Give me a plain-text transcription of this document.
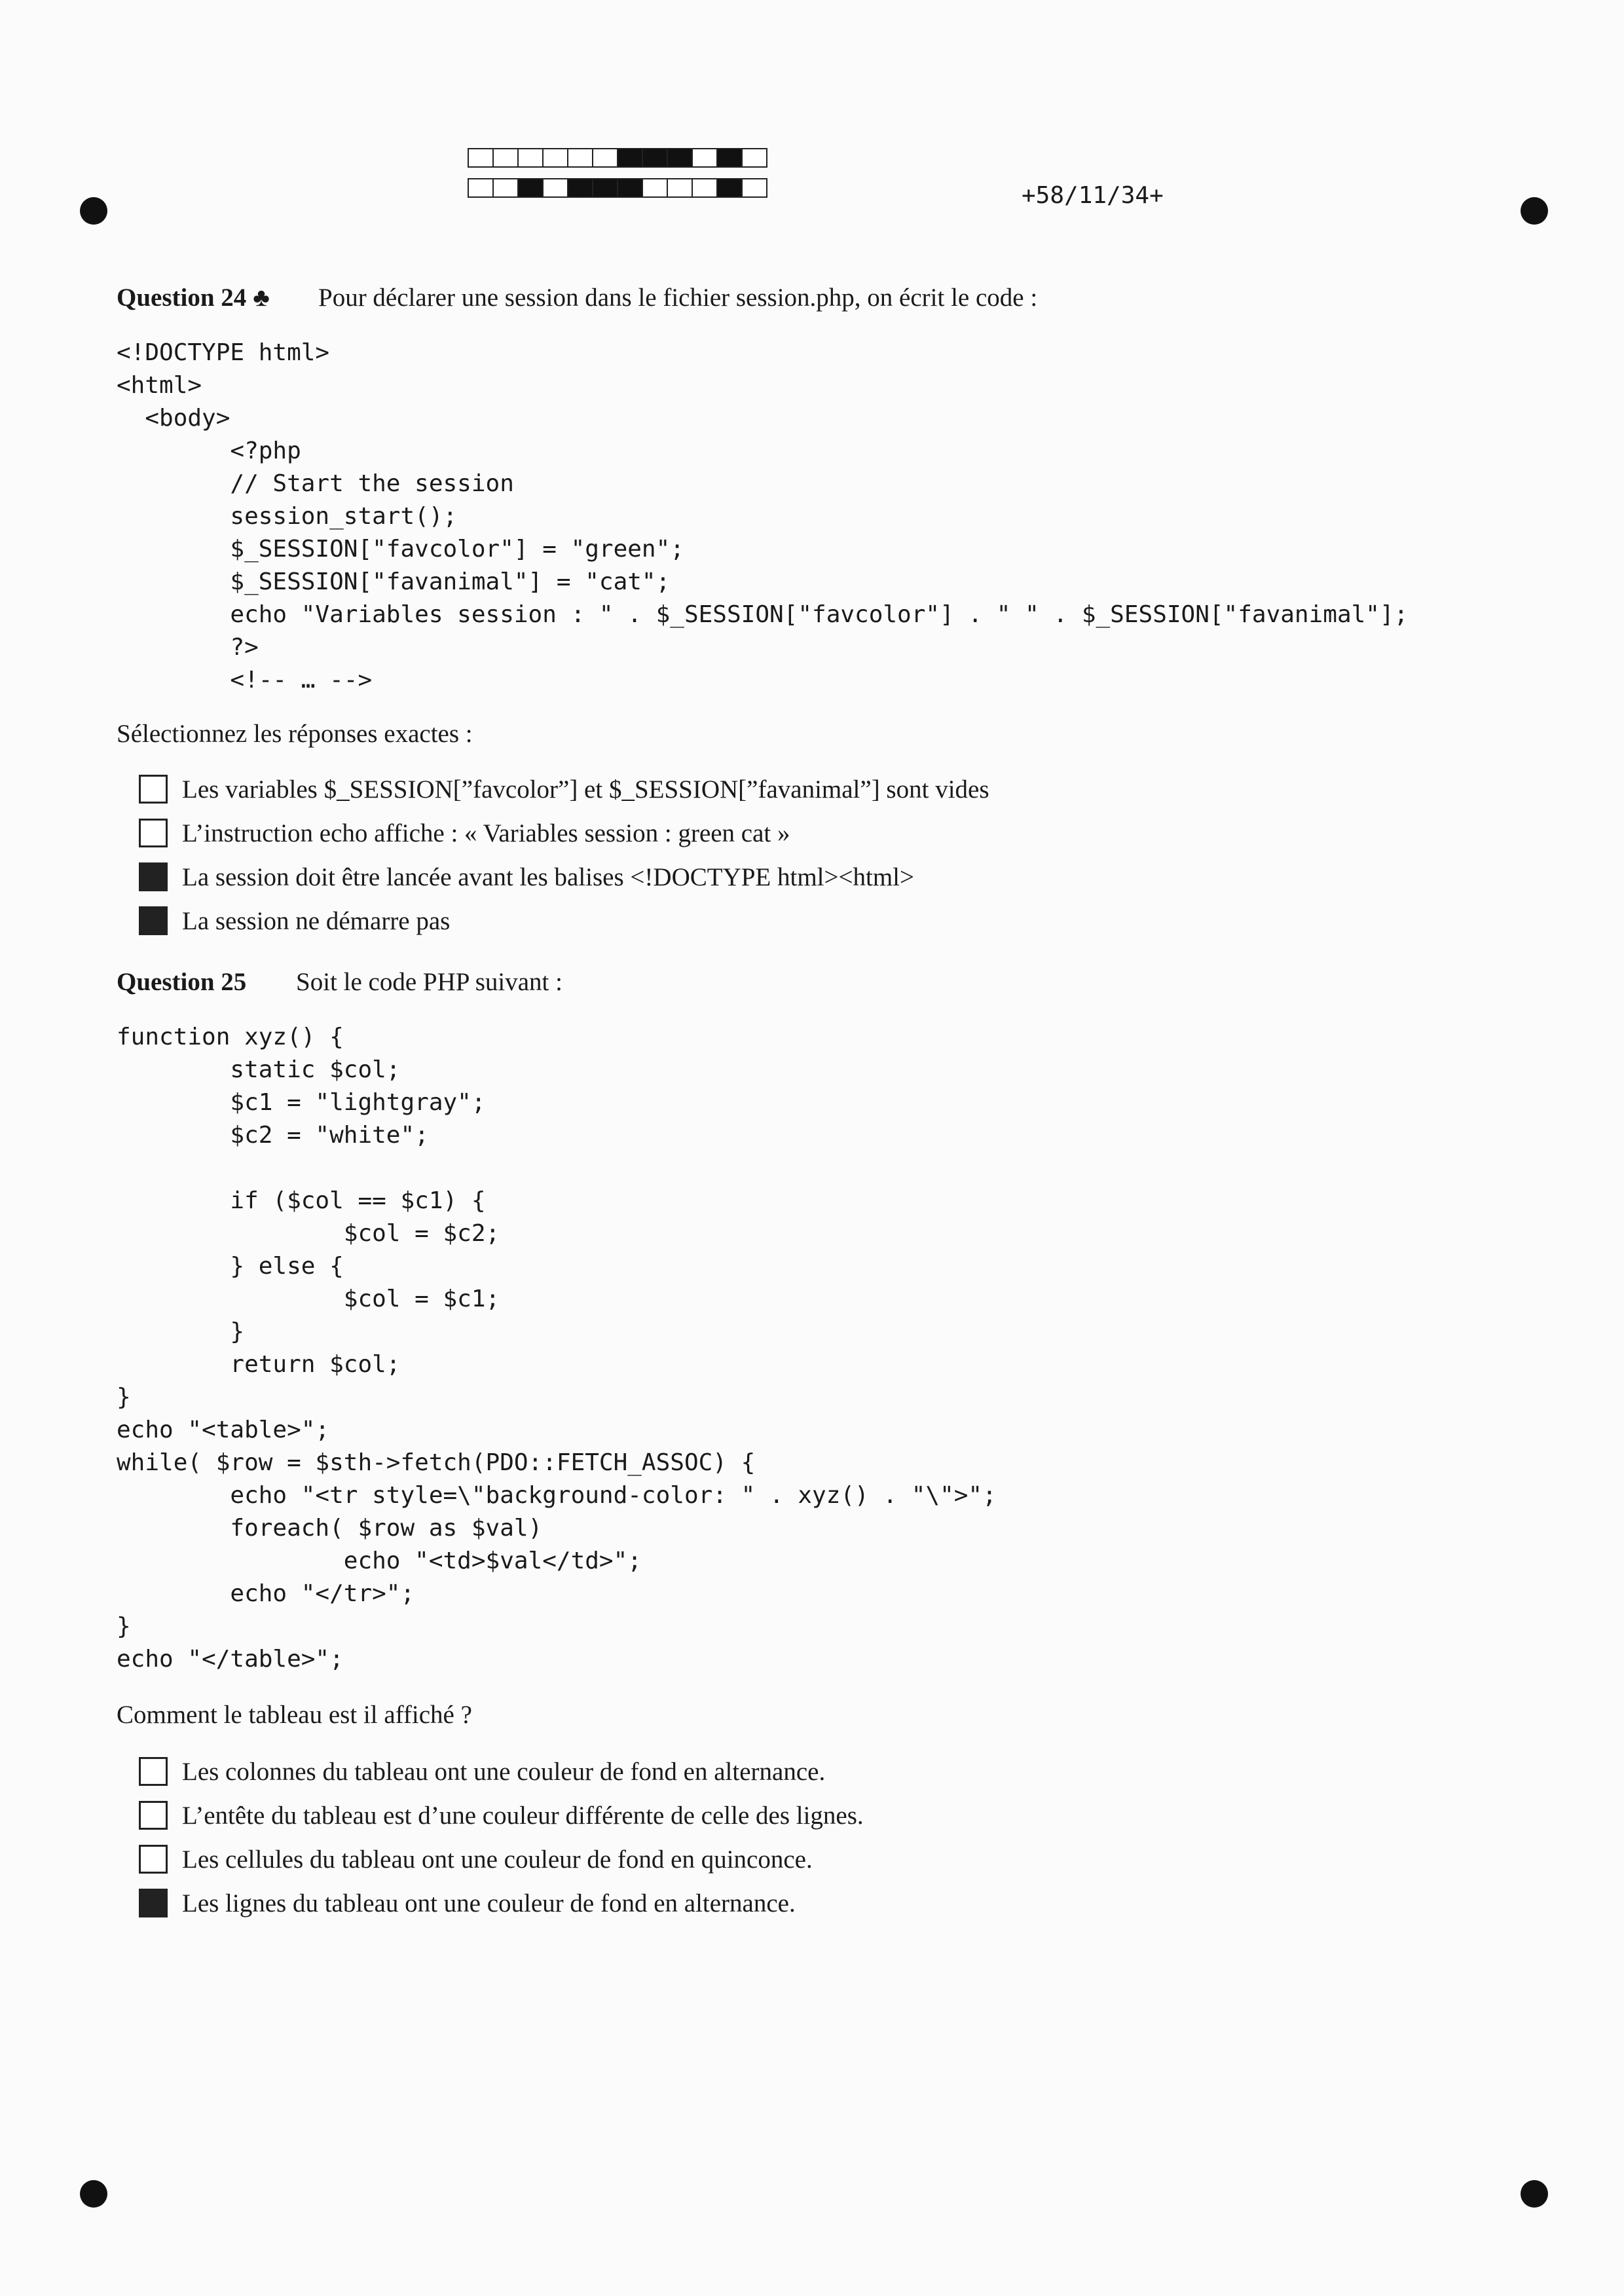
+58/11/34+
Question 24 ♣ Pour déclarer une session dans le fichier session.php, on écrit le code :
<!DOCTYPE html>
<html>
<body>
<?php
// Start the session
session_start();
$_SESSION["favcolor"] = "green";
$_SESSION["favanimal"] = "cat";
echo "Variables session : " . $_SESSION["favcolor"] . " " . $_SESSION["favanimal"];
?>
<!-- … -->
Sélectionnez les réponses exactes :
Les variables $_SESSION[”favcolor”] et $_SESSION[”favanimal”] sont vides
L’instruction echo affiche : « Variables session : green cat »
La session doit être lancée avant les balises <!DOCTYPE html><html>
La session ne démarre pas
Question 25 Soit le code PHP suivant :
function xyz() {
static $col;
$c1 = "lightgray";
$c2 = "white";

if ($col == $c1) {
$col = $c2;
} else {
$col = $c1;
}
return $col;
}
echo "<table>";
while( $row = $sth->fetch(PDO::FETCH_ASSOC) {
echo "<tr style=\"background-color: " . xyz() . "\">";
foreach( $row as $val)
echo "<td>$val</td>";
echo "</tr>";
}
echo "</table>";
Comment le tableau est il affiché ?
Les colonnes du tableau ont une couleur de fond en alternance.
L’entête du tableau est d’une couleur différente de celle des lignes.
Les cellules du tableau ont une couleur de fond en quinconce.
Les lignes du tableau ont une couleur de fond en alternance.
